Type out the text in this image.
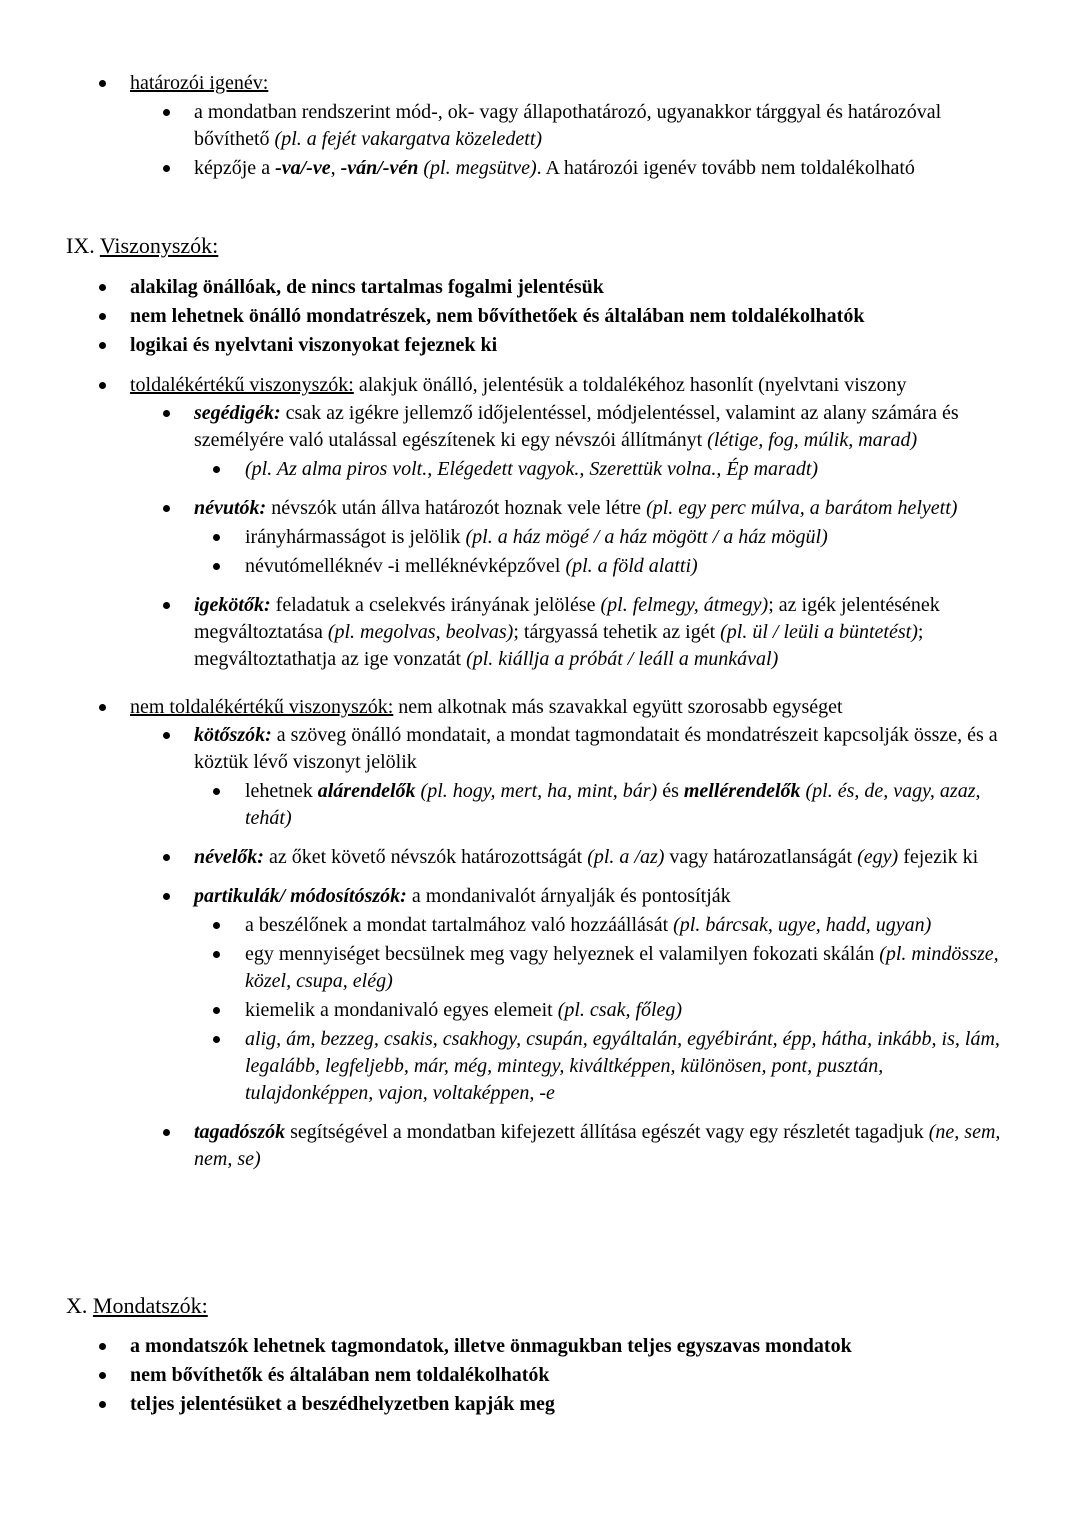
határozói igenév:
a mondatban rendszerint mód-, ok- vagy állapothatározó, ugyanakkor tárggyal és határozóval bővíthető (pl. a fejét vakargatva közeledett)
képzője a -va/-ve, -ván/-vén (pl. megsütve). A határozói igenév tovább nem toldalékolható
IX. Viszonyszók:
alakilag önállóak, de nincs tartalmas fogalmi jelentésük
nem lehetnek önálló mondatrészek, nem bővíthetőek és általában nem toldalékolhatók
logikai és nyelvtani viszonyokat fejeznek ki
toldalékértékű viszonyszók: alakjuk önálló, jelentésük a toldalékéhoz hasonlít (nyelvtani viszony
segédigék: csak az igékre jellemző időjelentéssel, módjelentéssel, valamint az alany számára és személyére való utalással egészítenek ki egy névszói állítmányt (létige, fog, múlik, marad)
(pl. Az alma piros volt., Elégedett vagyok., Szerettük volna., Ép maradt)
névutók: névszók után állva határozót hoznak vele létre (pl. egy perc múlva, a barátom helyett)
irányhármasságot is jelölik (pl. a ház mögé / a ház mögött / a ház mögül)
névutómelléknév -i melléknévképzővel (pl. a föld alatti)
igekötők: feladatuk a cselekvés irányának jelölése (pl. felmegy, átmegy); az igék jelentésének megváltoztatása (pl. megolvas, beolvas); tárgyassá tehetik az igét (pl. ül / leüli a büntetést); megváltoztathatja az ige vonzatát (pl. kiállja a próbát / leáll a munkával)
nem toldalékértékű viszonyszók: nem alkotnak más szavakkal együtt szorosabb egységet
kötőszók: a szöveg önálló mondatait, a mondat tagmondatait és mondatrészeit kapcsolják össze, és a köztük lévő viszonyt jelölik
lehetnek alárendelők (pl. hogy, mert, ha, mint, bár) és mellérendelők (pl. és, de, vagy, azaz, tehát)
névelők: az őket követő névszók határozottságát (pl. a /az) vagy határozatlanságát (egy) fejezik ki
partikulák/ módosítószók: a mondanivalót árnyalják és pontosítják
a beszélőnek a mondat tartalmához való hozzáállását (pl. bárcsak, ugye, hadd, ugyan)
egy mennyiséget becsülnek meg vagy helyeznek el valamilyen fokozati skálán (pl. mindössze, közel, csupa, elég)
kiemelik a mondanivaló egyes elemeit (pl. csak, főleg)
alig, ám, bezzeg, csakis, csakhogy, csupán, egyáltalán, egyébiránt, épp, hátha, inkább, is, lám, legalább, legfeljebb, már, még, mintegy, kiváltképpen, különösen, pont, pusztán, tulajdonképpen, vajon, voltaképpen, -e
tagadószók segítségével a mondatban kifejezett állítása egészét vagy egy részletét tagadjuk (ne, sem, nem, se)
X. Mondatszók:
a mondatszók lehetnek tagmondatok, illetve önmagukban teljes egyszavas mondatok
nem bővíthetők és általában nem toldalékolhatók
teljes jelentésüket a beszédhelyzetben kapják meg
